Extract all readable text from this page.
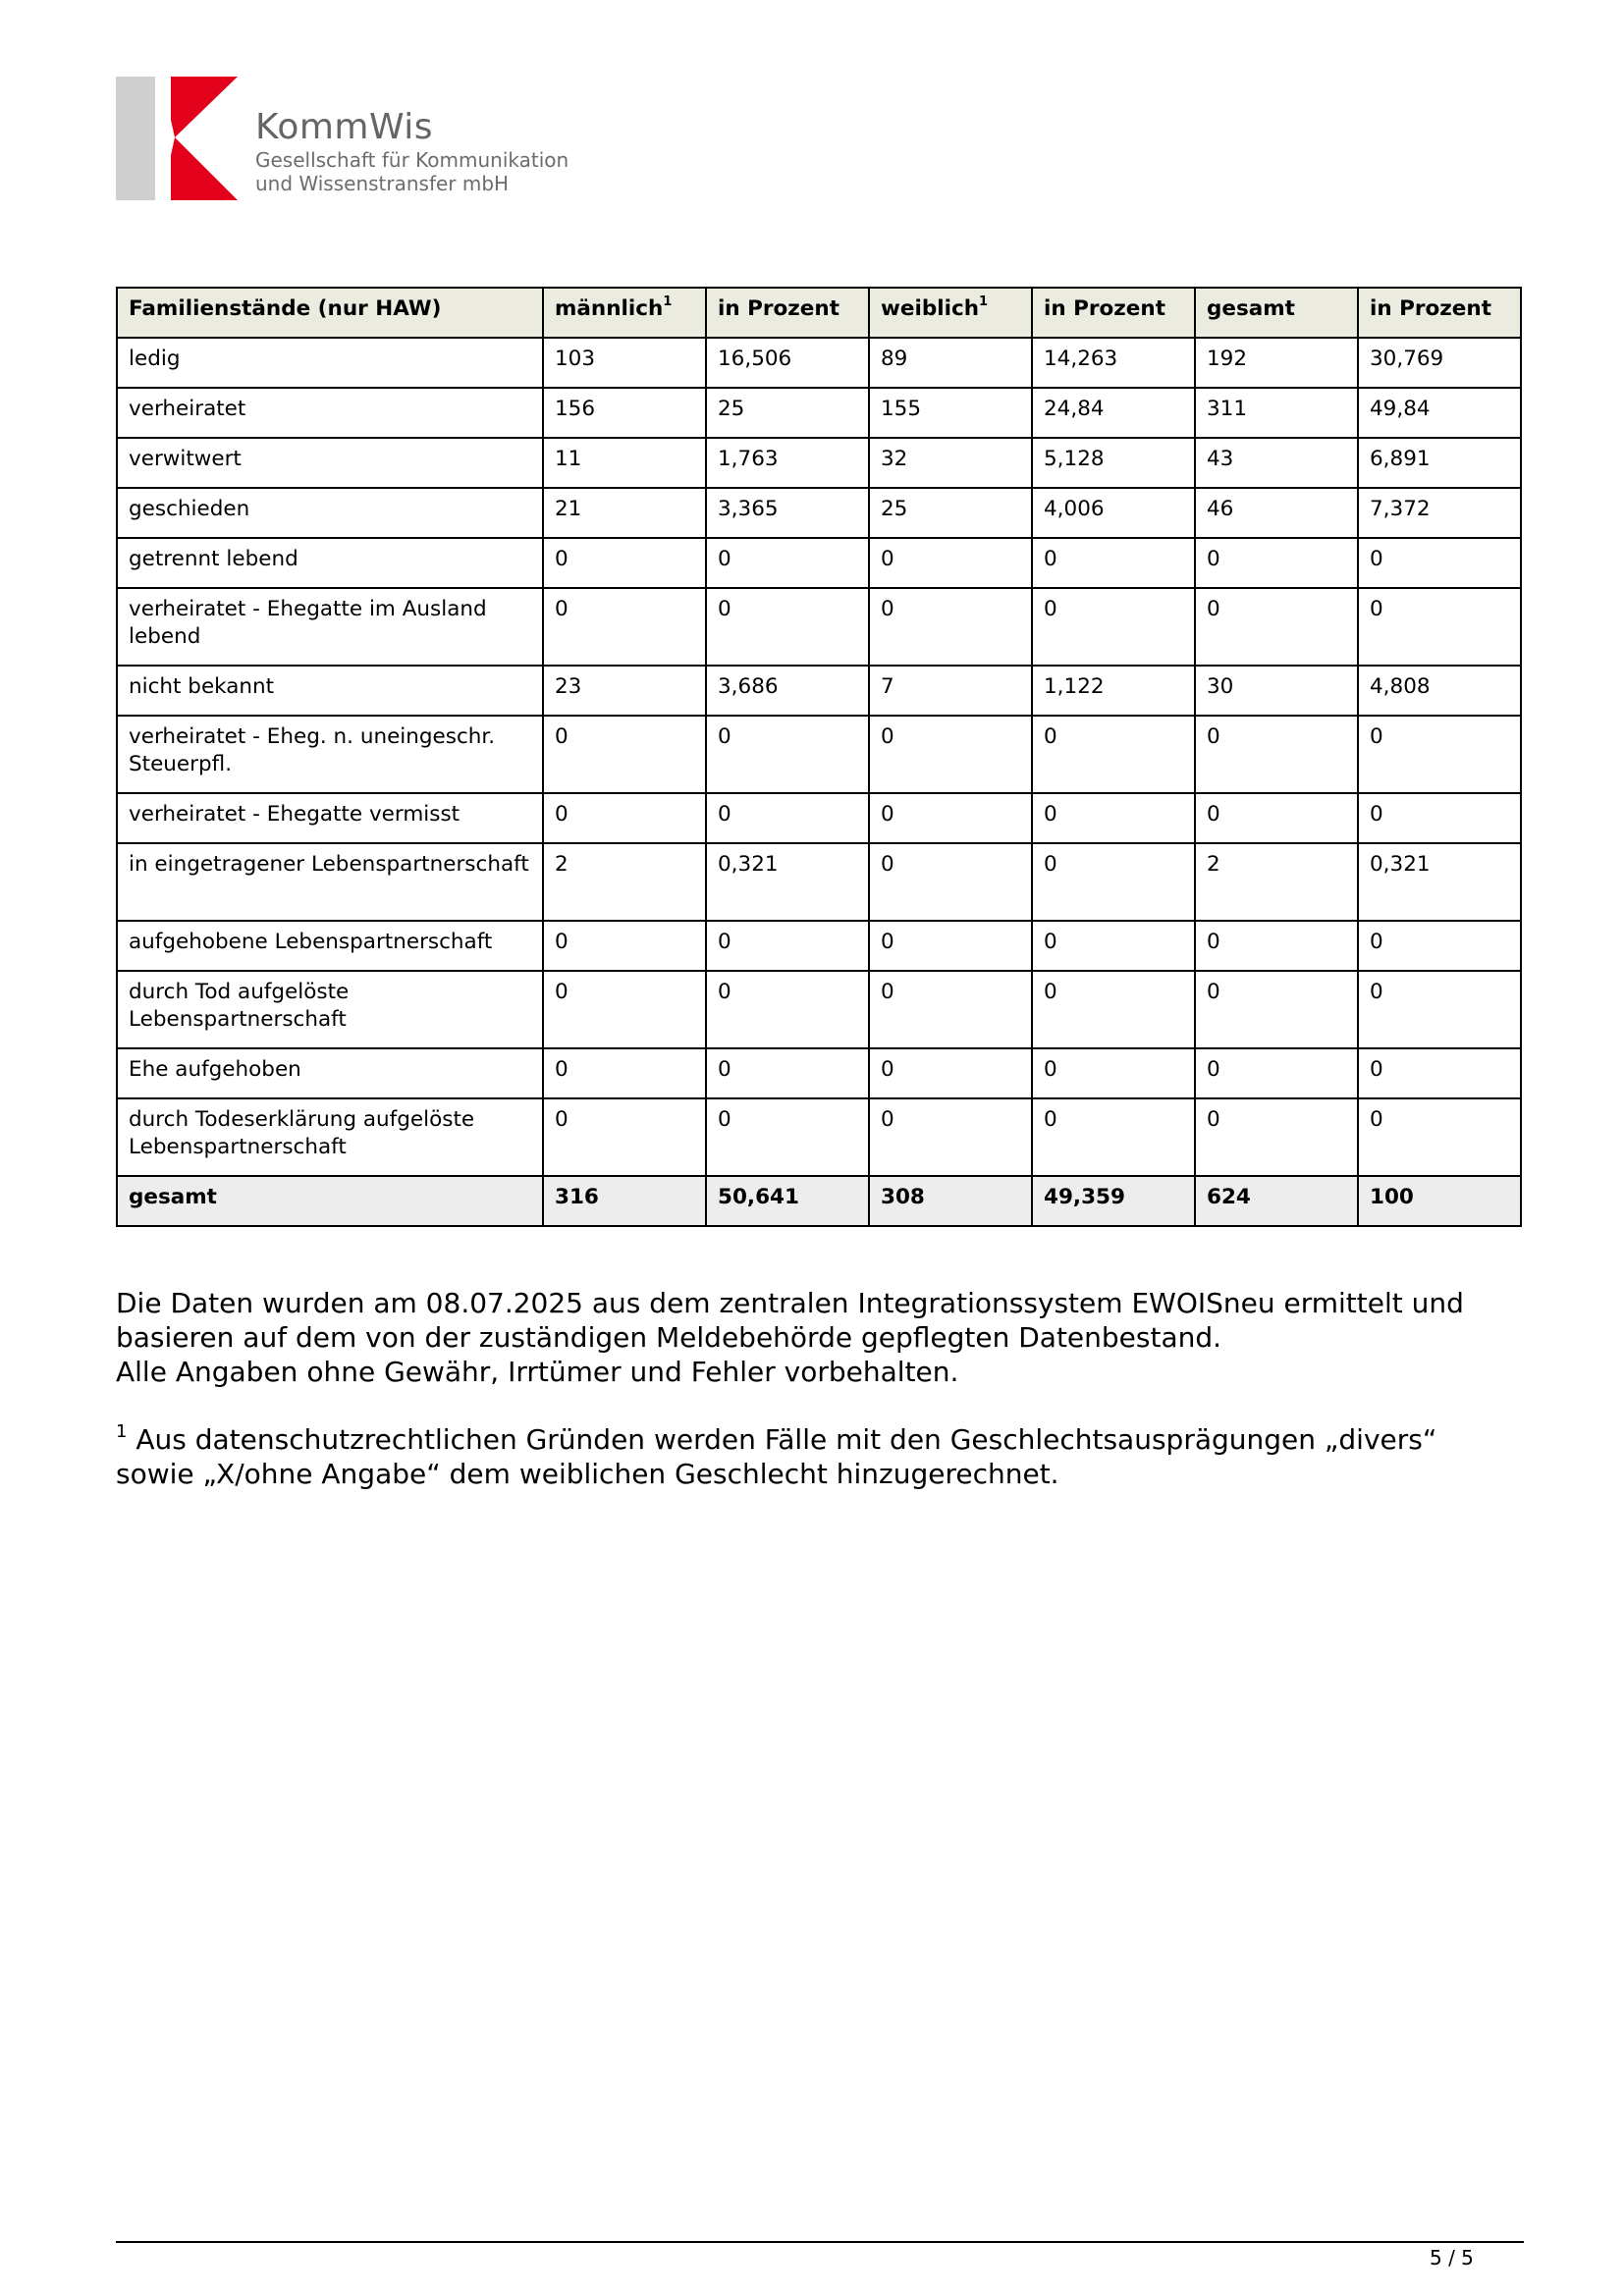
KommWis
Gesellschaft für Kommunikation
und Wissenstransfer mbH
Familienstände (nur HAW)	männlich$^1$	in Prozent	weiblich$^1$	in Prozent	gesamt	in Prozent
ledig	103	16,506	89	14,263	192	30,769
verheiratet	156	25	155	24,84	311	49,84
verwitwert	11	1,763	32	5,128	43	6,891
geschieden	21	3,365	25	4,006	46	7,372
getrennt lebend	0	0	0	0	0	0
verheiratet - Ehegatte im Ausland lebend	0	0	0	0	0	0
nicht bekannt	23	3,686	7	1,122	30	4,808
verheiratet - Eheg. n. uneingeschr. Steuerpfl.	0	0	0	0	0	0
verheiratet - Ehegatte vermisst	0	0	0	0	0	0
in eingetragener Lebenspartnerschaft	2	0,321	0	0	2	0,321
aufgehobene Lebenspartnerschaft	0	0	0	0	0	0
durch Tod aufgelöste Lebenspartnerschaft	0	0	0	0	0	0
Ehe aufgehoben	0	0	0	0	0	0
durch Todeserklärung aufgelöste Lebenspartnerschaft	0	0	0	0	0	0
gesamt	316	50,641	308	49,359	624	100

Die Daten wurden am 08.07.2025 aus dem zentralen Integrationssystem EWOISneu ermittelt und

basieren auf dem von der zuständigen Meldebehörde gepflegten Datenbestand.

Alle Angaben ohne Gewähr, Irrtümer und Fehler vorbehalten.

$^1$ Aus datenschutzrechtlichen Gründen werden Fälle mit den Geschlechtsausprägungen „divers“

sowie „X/ohne Angabe“ dem weiblichen Geschlecht hinzugerechnet.

5 / 5
